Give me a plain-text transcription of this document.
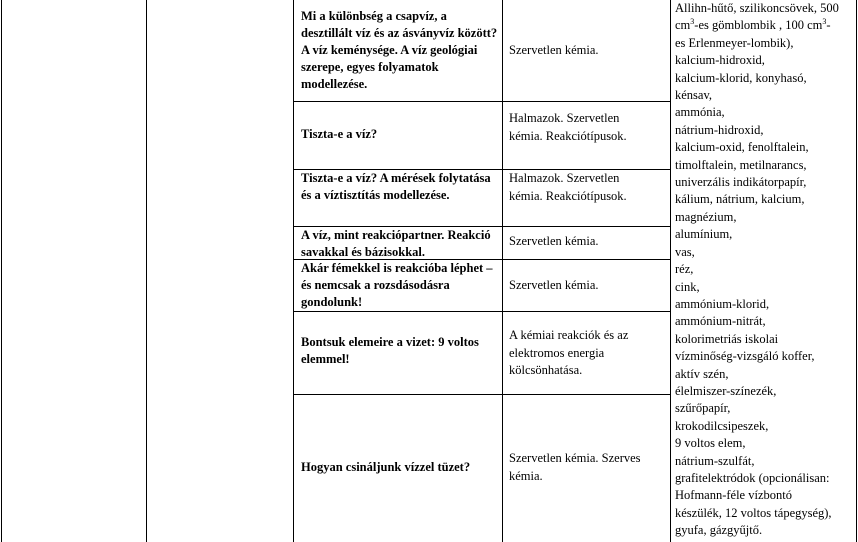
Mi a különbség a csapvíz, a desztillált víz és az ásványvíz között? A víz keménysége. A víz geológiai szerepe, egyes folyamatok modellezése.
Tiszta-e a víz?
Tiszta-e a víz? A mérések folytatása és a víztisztítás modellezése.
A víz, mint reakciópartner. Reakció savakkal és bázisokkal.
Akár fémekkel is reakcióba léphet – és nemcsak a rozsdásodásra gondolunk!
Bontsuk elemeire a vizet: 9 voltos elemmel!
Hogyan csináljunk vízzel tüzet?
Szervetlen kémia.
Halmazok. Szervetlen kémia. Reakciótípusok.
Halmazok. Szervetlen kémia. Reakciótípusok.
Szervetlen kémia.
Szervetlen kémia.
A kémiai reakciók és az elektromos energia kölcsönhatása.
Szervetlen kémia. Szerves kémia.
Allihn-hűtő, szilikoncsövek, 500
$cm^3-es$ gömblombik , 100 $cm^3-$
es Erlenmeyer-lombik),
kalcium-hidroxid,
kalcium-klorid, konyhasó,
kénsav,
ammónia,
nátrium-hidroxid,
kalcium-oxid, fenolftalein,
timolftalein, metilnarancs,
univerzális indikátorpapír,
kálium, nátrium, kalcium,
magnézium,
alumínium,
vas,
réz,
cink,
ammónium-klorid,
ammónium-nitrát,
kolorimetriás iskolai
vízminőség-vizsgáló koffer,
aktív szén,
élelmiszer-színezék,
szűrőpapír,
krokodilcsipeszek,
9 voltos elem,
nátrium-szulfát,
grafitelektródok (opcionálisan:
Hofmann-féle vízbontó
készülék, 12 voltos tápegység),
gyufa, gázgyűjtő.
